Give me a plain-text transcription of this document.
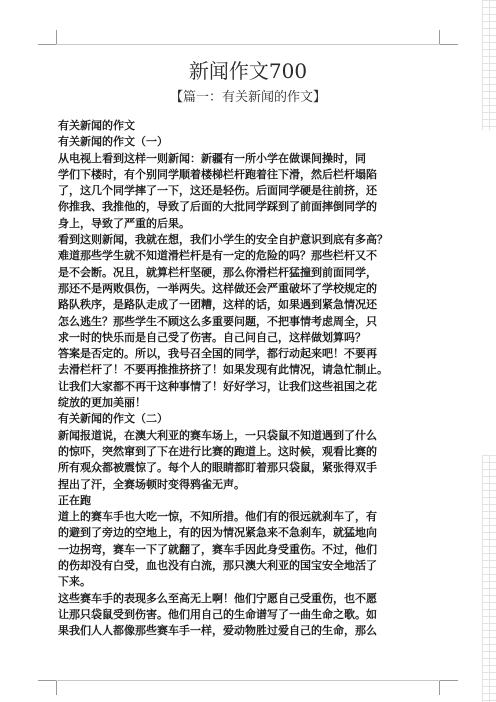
新闻作文700
【篇一：有关新闻的作文】
有关新闻的作文
有关新闻的作文（一）
从电视上看到这样一则新闻：新疆有一所小学在做课间操时，同
学们下楼时，有个别同学顺着楼梯栏杆跑着往下滑，然后栏杆塌陷
了，这几个同学摔了一下，这还是轻伤。后面同学硬是往前挤，还
你推我、我推他的，导致了后面的大批同学踩到了前面摔倒同学的
身上，导致了严重的后果。
看到这则新闻，我就在想，我们小学生的安全自护意识到底有多高？
难道那些学生就不知道滑栏杆是有一定的危险的吗？那些栏杆又不
是不会断。况且，就算栏杆坚硬，那么你滑栏杆猛撞到前面同学，
那还不是两败俱伤，一举两失。这样做还会严重破坏了学校规定的
路队秩序，是路队走成了一团糟，这样的话，如果遇到紧急情况还
怎么逃生？那些学生不顾这么多重要问题，不把事情考虑周全，只
求一时的快乐而是自己受了伤害。自己问自己，这样做划算吗？
答案是否定的。所以，我号召全国的同学，都行动起来吧！不要再
去滑栏杆了！不要再推推挤挤了！如果发现有此情况，请急忙制止。
让我们大家都不再干这种事情了！好好学习，让我们这些祖国之花
绽放的更加美丽！
有关新闻的作文（二）
新闻报道说，在澳大利亚的赛车场上，一只袋鼠不知道遇到了什么
的惊吓，突然窜到了下在进行比赛的跑道上。这时候，观看比赛的
所有观众都被震惊了。每个人的眼睛都盯着那只袋鼠，紧张得双手
捏出了汗，全赛场顿时变得鸦雀无声。
正在跑
道上的赛车手也大吃一惊，不知所措。他们有的很远就刹车了，有
的避到了旁边的空地上，有的因为情况紧急来不急刹车，就猛地向
一边拐弯，赛车一下了就翻了，赛车手因此身受重伤。不过，他们
的伤却没有白受，血也没有白流，那只澳大利亚的国宝安全地活了
下来。
这些赛车手的表现多么至高无上啊！他们宁愿自己受重伤，也不愿
让那只袋鼠受到伤害。他们用自己的生命谱写了一曲生命之歌。如
果我们人人都像那些赛车手一样，爱动物胜过爱自己的生命，那么
